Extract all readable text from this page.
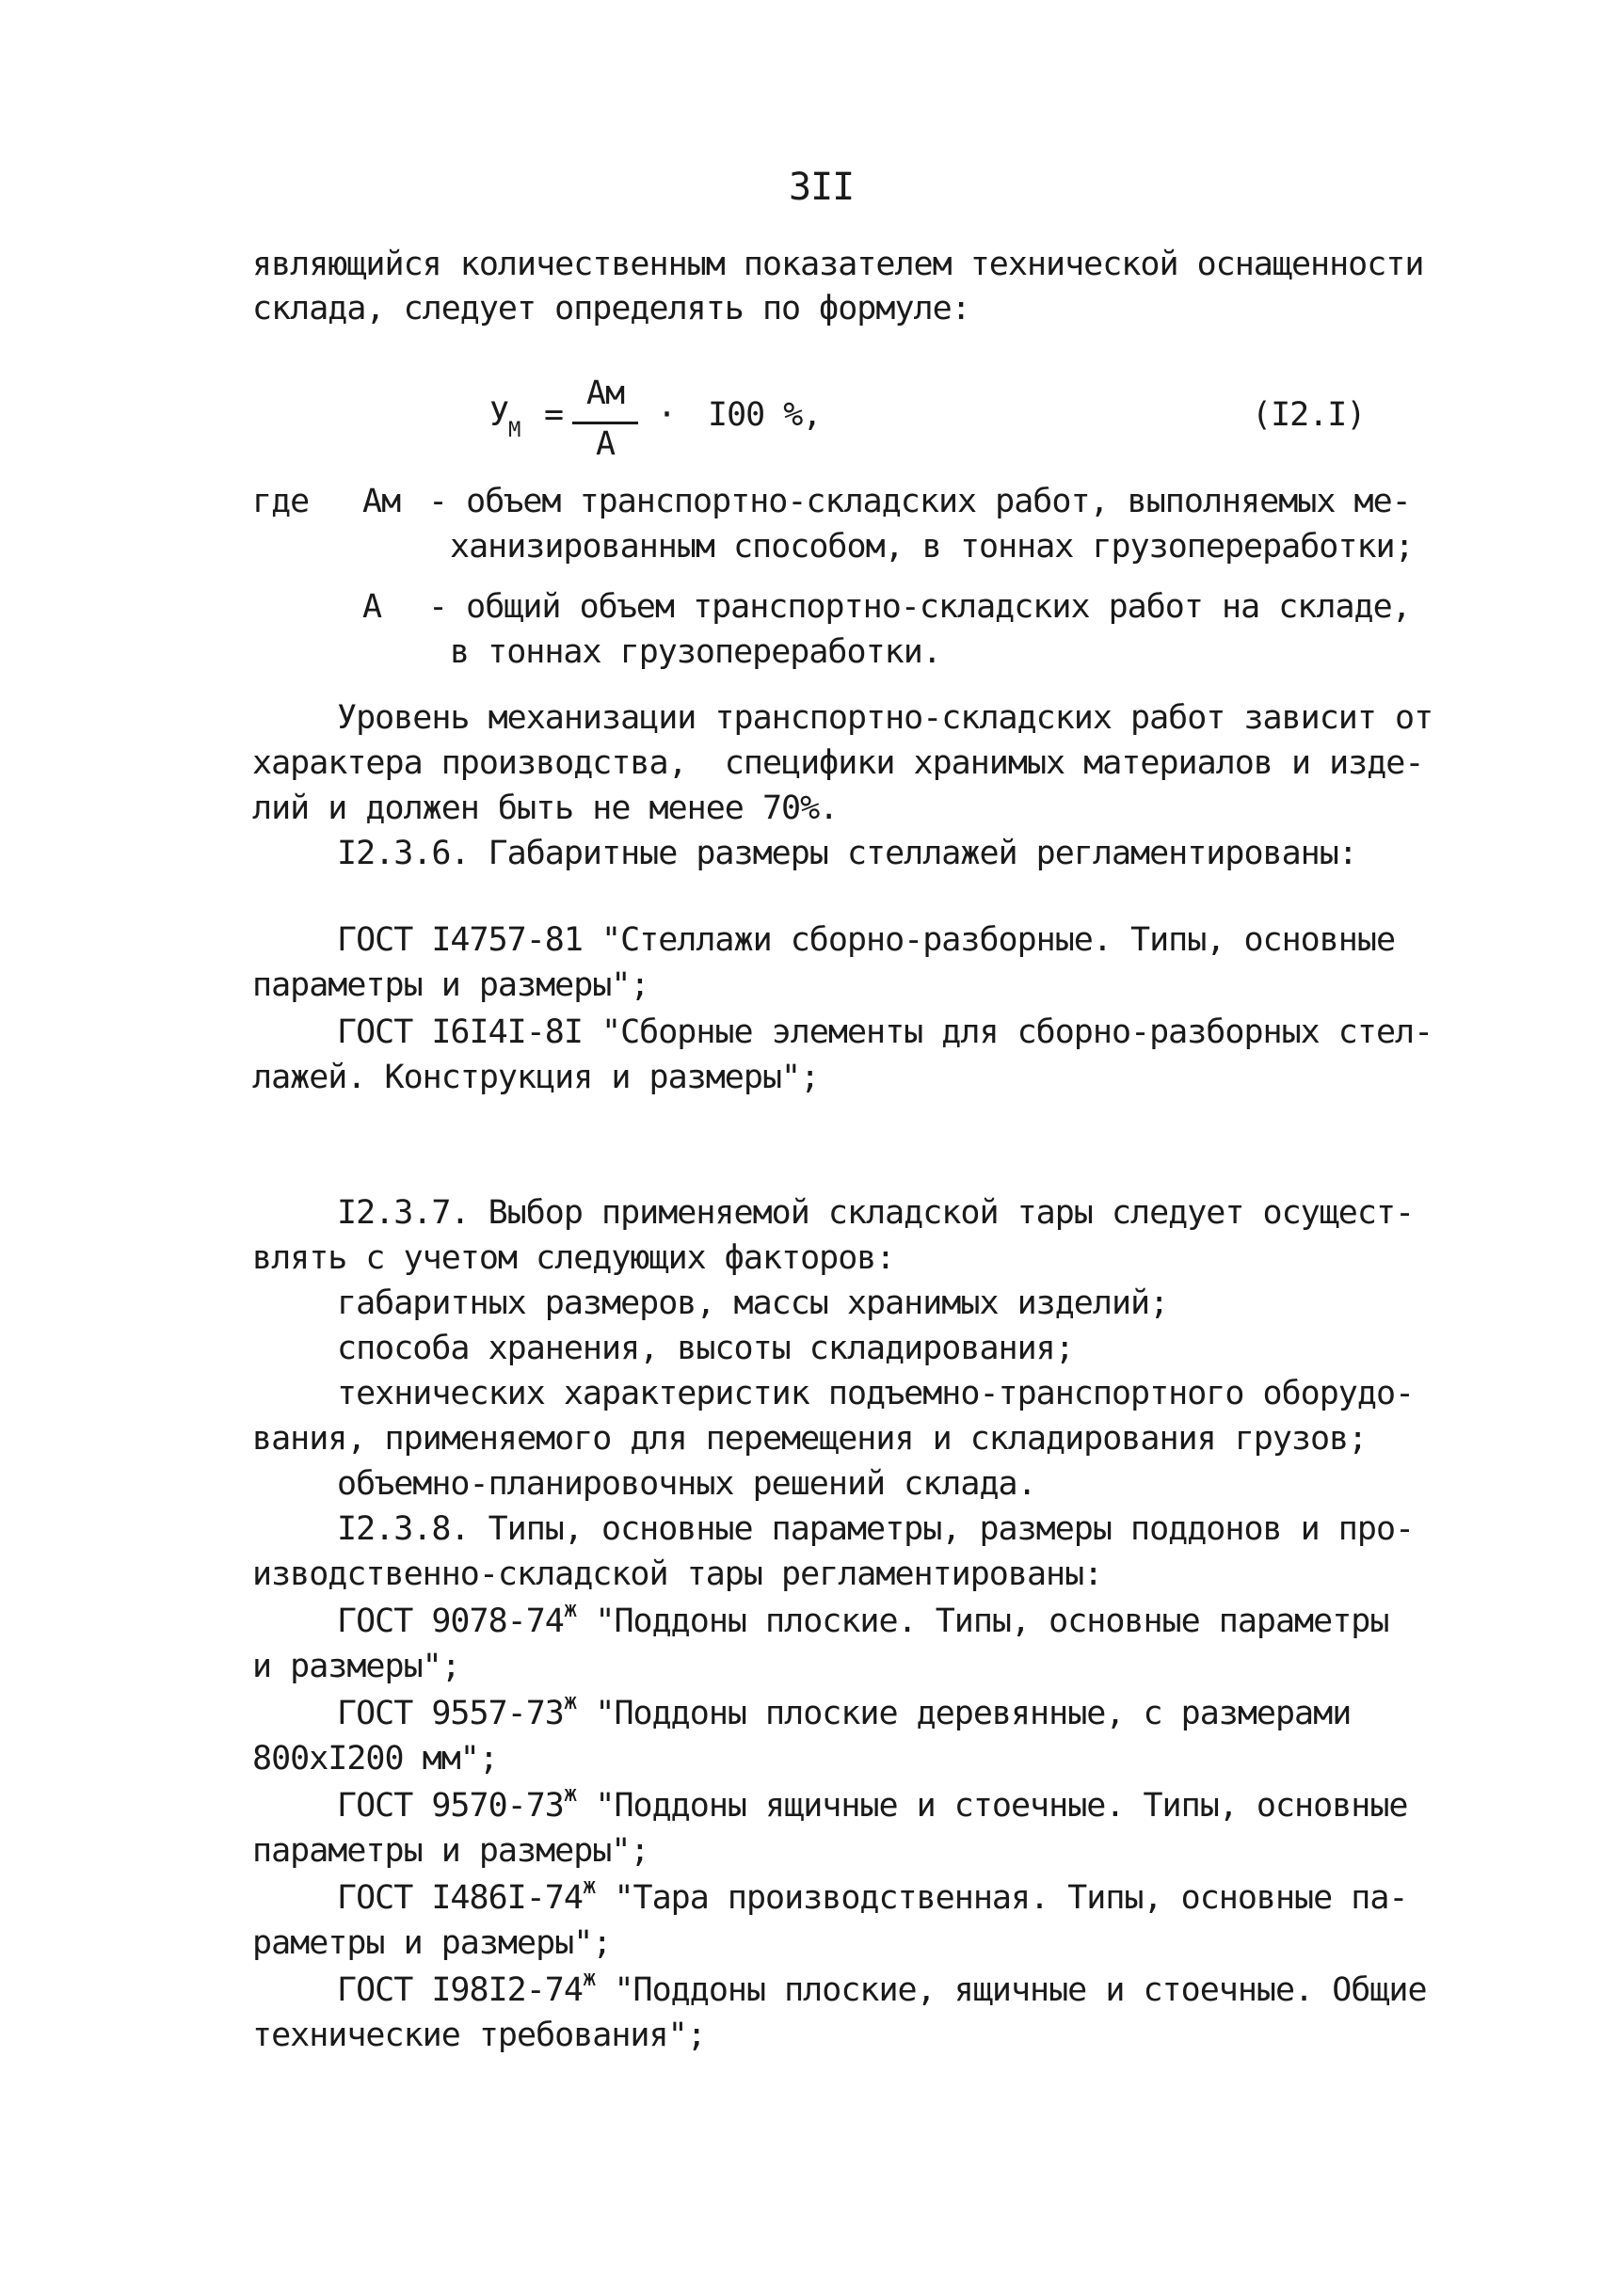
3II
являющийся количественным показателем технической оснащенности
склада, следует определять по формуле:
$У_М$ =
Ам
А
· I00 %,	(I2.I)
где Ам - объем транспортно-складских работ, выполняемых ме-
ханизированным способом, в тоннах грузопереработки;
А - общий объем транспортно-складских работ на складе,
в тоннах грузопереработки.
Уровень механизации транспортно-складских работ зависит от
характера производства,  специфики хранимых материалов и изде-
лий и должен быть не менее 70%.
I2.3.6. Габаритные размеры стеллажей регламентированы:
ГОСТ I4757-81 "Стеллажи сборно-разборные. Типы, основные
параметры и размеры";
ГОСТ I6I4I-8I "Сборные элементы для сборно-разборных стел-
лажей. Конструкция и размеры";
I2.3.7. Выбор применяемой складской тары следует осущест-
влять с учетом следующих факторов:
габаритных размеров, массы хранимых изделий;
способа хранения, высоты складирования;
технических характеристик подъемно-транспортного оборудо-
вания, применяемого для перемещения и складирования грузов;
объемно-планировочных решений склада.
I2.3.8. Типы, основные параметры, размеры поддонов и про-
изводственно-складской тары регламентированы:
ГОСТ $9078-74^ж$ "Поддоны плоские. Типы, основные параметры
и размеры";
ГОСТ $9557-73^ж$ "Поддоны плоские деревянные, с размерами
800хI200 мм";
ГОСТ $9570-73^ж$ "Поддоны ящичные и стоечные. Типы, основные
параметры и размеры";
ГОСТ $I486I-74^ж$ "Тара производственная. Типы, основные па-
раметры и размеры";
ГОСТ $I98I2-74^ж$ "Поддоны плоские, ящичные и стоечные. Общие
технические требования";
